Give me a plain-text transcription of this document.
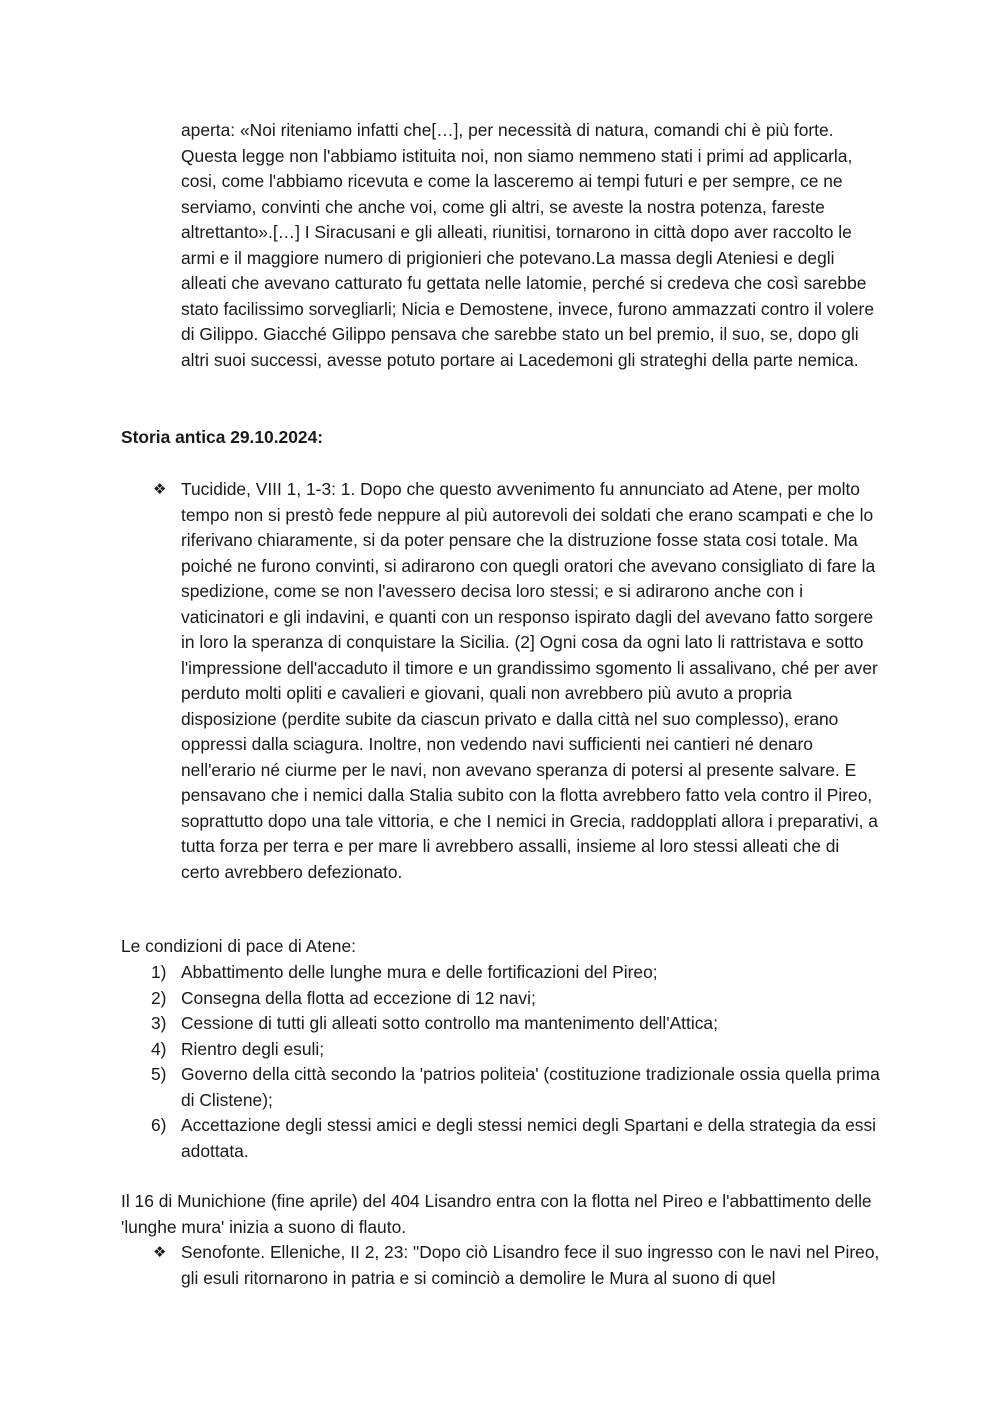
aperta: «Noi riteniamo infatti che[…], per necessità di natura, comandi chi è più forte. Questa legge non l'abbiamo istituita noi, non siamo nemmeno stati i primi ad applicarla, cosi, come l'abbiamo ricevuta e come la lasceremo ai tempi futuri e per sempre, ce ne serviamo, convinti che anche voi, come gli altri, se aveste la nostra potenza, fareste altrettanto».[…] I Siracusani e gli alleati, riunitisi, tornarono in città dopo aver raccolto le armi e il maggiore numero di prigionieri che potevano.La massa degli Ateniesi e degli alleati che avevano catturato fu gettata nelle latomie, perché si credeva che così sarebbe stato facilissimo sorvegliarli; Nicia e Demostene, invece, furono ammazzati contro il volere di Gilippo. Giacché Gilippo pensava che sarebbe stato un bel premio, il suo, se, dopo gli altri suoi successi, avesse potuto portare ai Lacedemoni gli strateghi della parte nemica.

Storia antica 29.10.2024:
❖ Tucidide, VIII 1, 1-3: 1. Dopo che questo avvenimento fu annunciato ad Atene, per molto tempo non si prestò fede neppure al più autorevoli dei soldati che erano scampati e che lo riferivano chiaramente, si da poter pensare che la distruzione fosse stata cosi totale. Ma poiché ne furono convinti, si adirarono con quegli oratori che avevano consigliato di fare la spedizione, come se non l'avessero decisa loro stessi; e si adirarono anche con i vaticinatori e gli indavini, e quanti con un responso ispirato dagli del avevano fatto sorgere in loro la speranza di conquistare la Sicilia. (2] Ogni cosa da ogni lato li rattristava e sotto l'impressione dell'accaduto il timore e un grandissimo sgomento li assalivano, ché per aver perduto molti opliti e cavalieri e giovani, quali non avrebbero più avuto a propria disposizione (perdite subite da ciascun privato e dalla città nel suo complesso), erano oppressi dalla sciagura. Inoltre, non vedendo navi sufficienti nei cantieri né denaro nell'erario né ciurme per le navi, non avevano speranza di potersi al presente salvare. E pensavano che i nemici dalla Stalia subito con la flotta avrebbero fatto vela contro il Pireo, soprattutto dopo una tale vittoria, e che I nemici in Grecia, raddopplati allora i preparativi, a tutta forza per terra e per mare li avrebbero assalli, insieme al loro stessi alleati che di certo avrebbero defezionato.

Le condizioni di pace di Atene:
1) Abbattimento delle lunghe mura e delle fortificazioni del Pireo;
2) Consegna della flotta ad eccezione di 12 navi;
3) Cessione di tutti gli alleati sotto controllo ma mantenimento dell'Attica;
4) Rientro degli esuli;
5) Governo della città secondo la 'patrios politeia' (costituzione tradizionale ossia quella prima di Clistene);
6) Accettazione degli stessi amici e degli stessi nemici degli Spartani e della strategia da essi adottata.

Il 16 di Munichione (fine aprile) del 404 Lisandro entra con la flotta nel Pireo e l'abbattimento delle 'lunghe mura' inizia a suono di flauto.

❖ Senofonte. Elleniche, II 2, 23: "Dopo ciò Lisandro fece il suo ingresso con le navi nel Pireo, gli esuli ritornarono in patria e si cominciò a demolire le Mura al suono di quel
